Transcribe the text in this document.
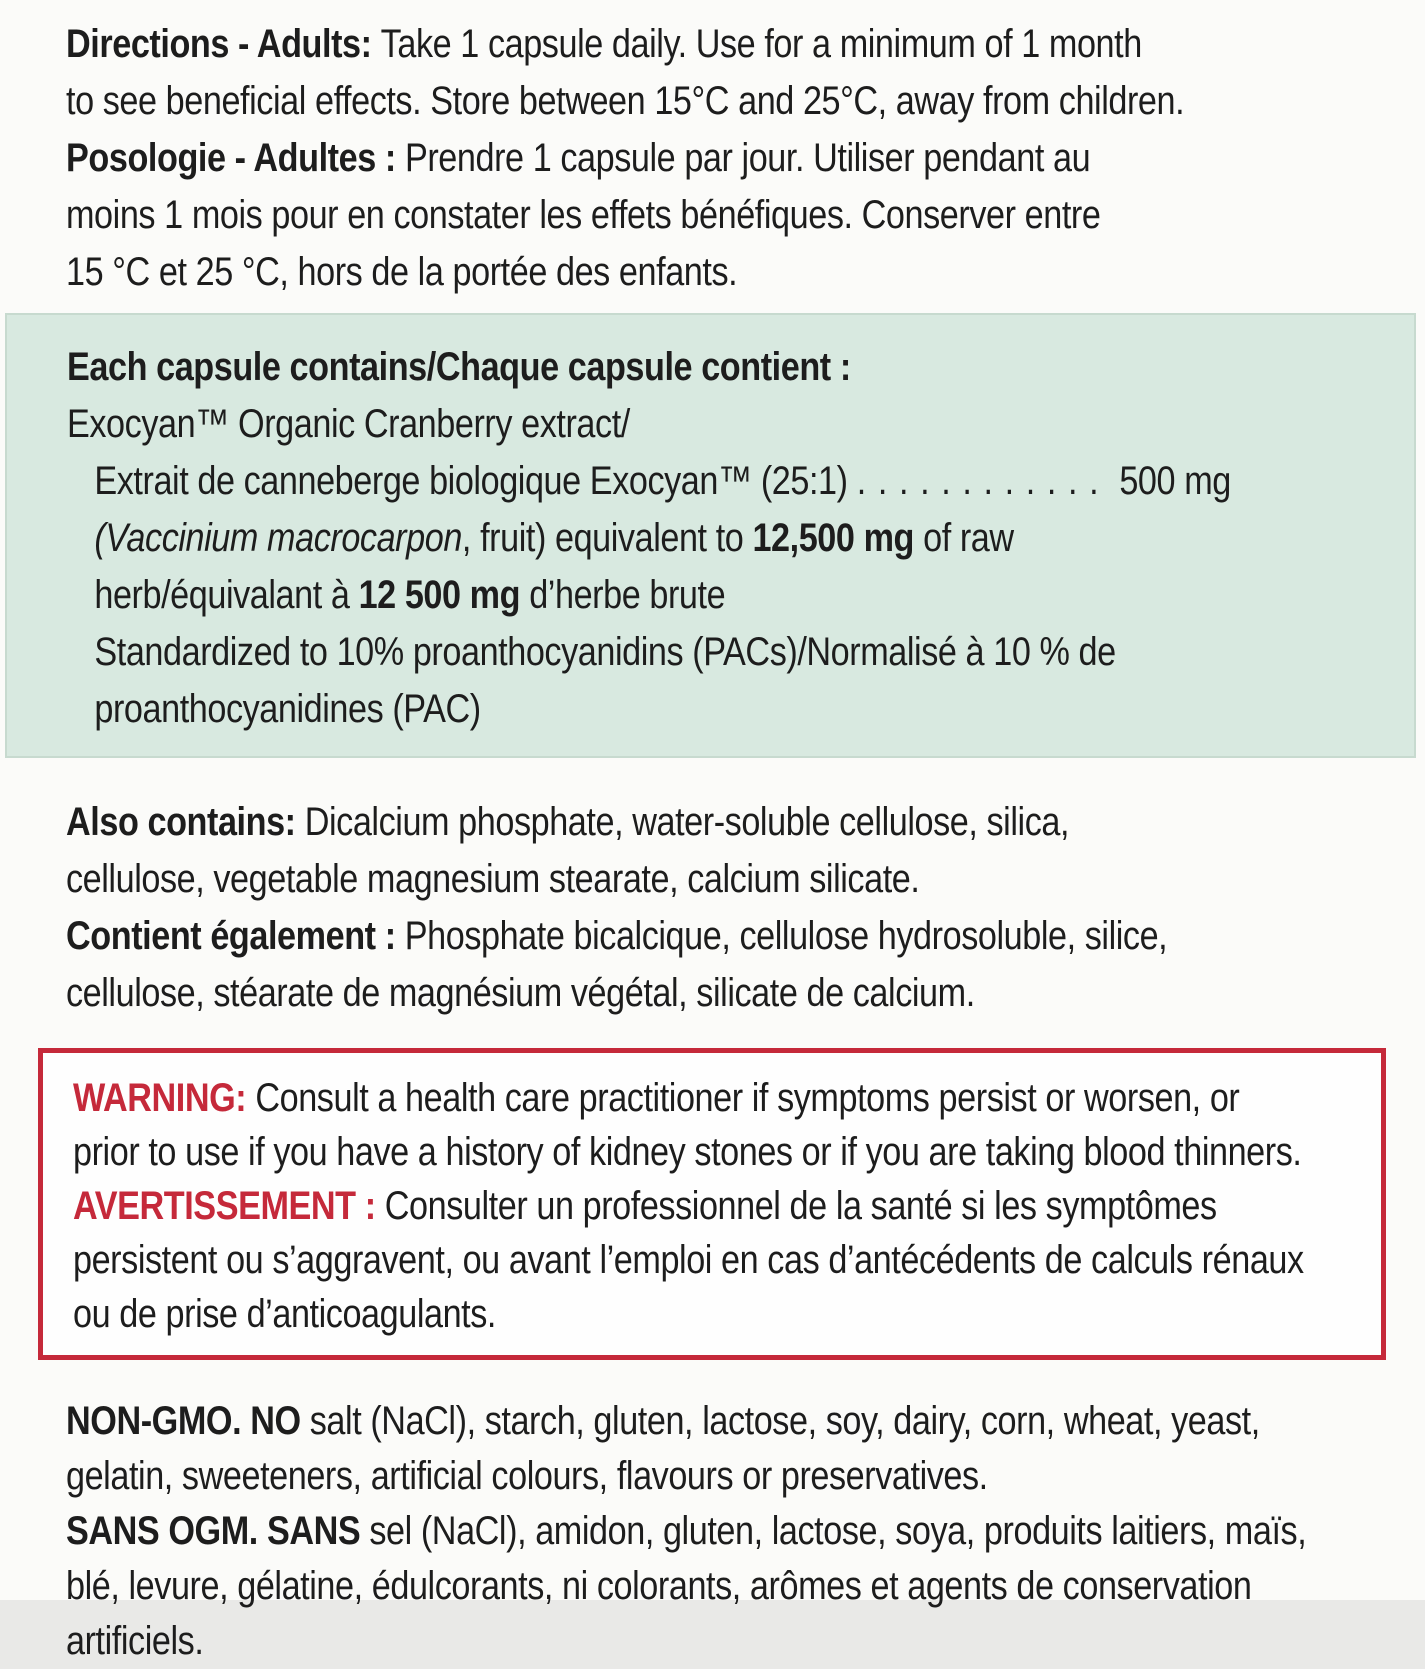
Directions - Adults: Take 1 capsule daily. Use for a minimum of 1 month
to see beneficial effects. Store between 15°C and 25°C, away from children.
Posologie - Adultes : Prendre 1 capsule par jour. Utiliser pendant au
moins 1 mois pour en constater les effets bénéfiques. Conserver entre
15 °C et 25 °C, hors de la portée des enfants.
Each capsule contains/Chaque capsule contient :
Exocyan™ Organic Cranberry extract/
Extrait de canneberge biologique Exocyan™ (25:1) ............ 500 mg
(Vaccinium macrocarpon, fruit) equivalent to 12,500 mg of raw
herb/équivalant à 12 500 mg d’herbe brute
Standardized to 10% proanthocyanidins (PACs)/Normalisé à 10 % de
proanthocyanidines (PAC)
Also contains: Dicalcium phosphate, water-soluble cellulose, silica,
cellulose, vegetable magnesium stearate, calcium silicate.
Contient également : Phosphate bicalcique, cellulose hydrosoluble, silice,
cellulose, stéarate de magnésium végétal, silicate de calcium.
WARNING: Consult a health care practitioner if symptoms persist or worsen, or
prior to use if you have a history of kidney stones or if you are taking blood thinners.
AVERTISSEMENT : Consulter un professionnel de la santé si les symptômes
persistent ou s’aggravent, ou avant l’emploi en cas d’antécédents de calculs rénaux
ou de prise d’anticoagulants.
NON-GMO. NO salt (NaCl), starch, gluten, lactose, soy, dairy, corn, wheat, yeast,
gelatin, sweeteners, artificial colours, flavours or preservatives.
SANS OGM. SANS sel (NaCl), amidon, gluten, lactose, soya, produits laitiers, maïs,
blé, levure, gélatine, édulcorants, ni colorants, arômes et agents de conservation
artificiels.
